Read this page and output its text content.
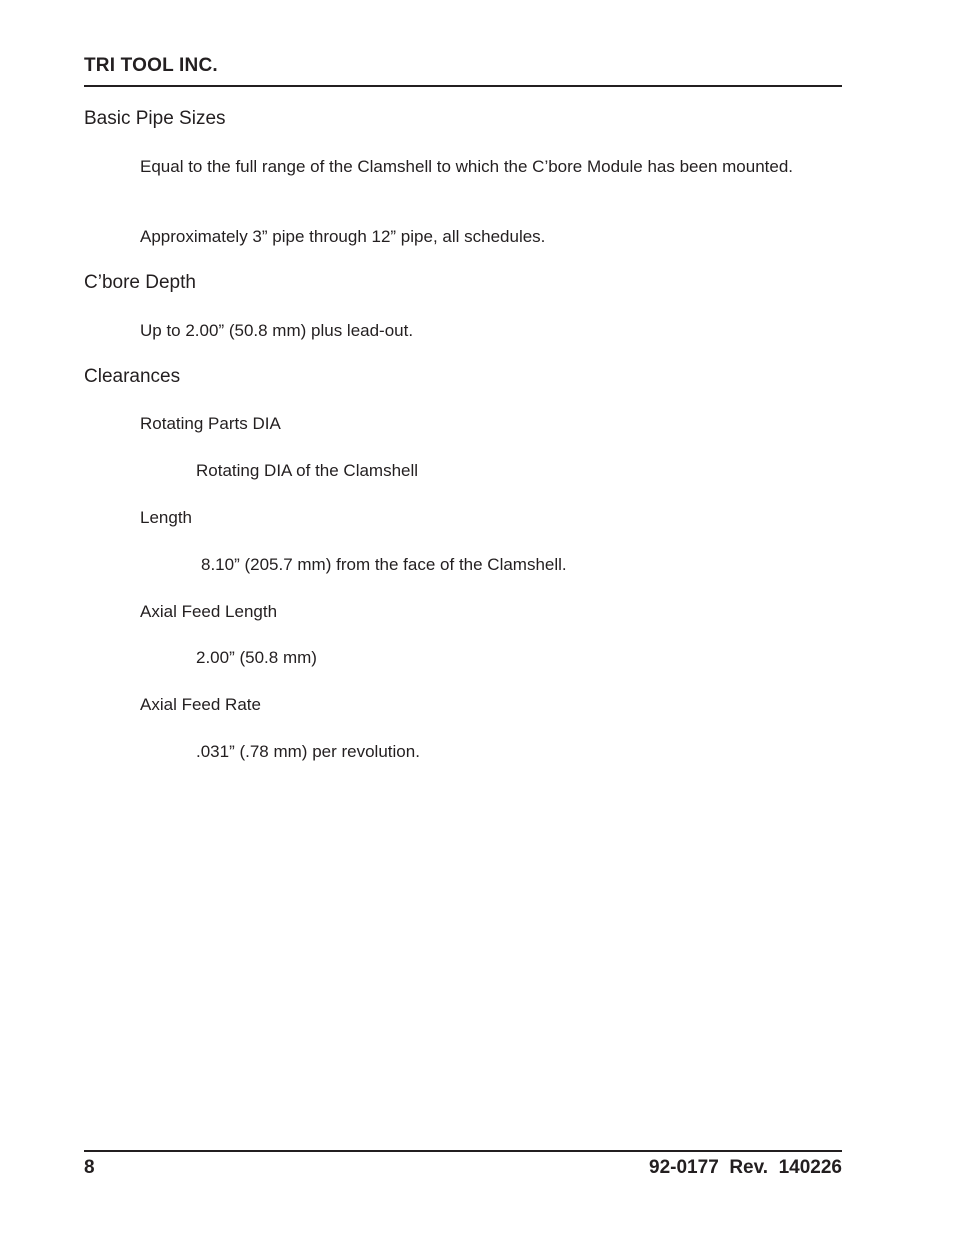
TRI TOOL INC.
Basic Pipe Sizes
Equal to the full range of the Clamshell to which the C’bore Module has been mounted.
Approximately 3” pipe through 12” pipe, all schedules.
C’bore Depth
Up to 2.00” (50.8 mm) plus lead-out.
Clearances
Rotating Parts DIA
Rotating DIA of the Clamshell
Length
8.10” (205.7 mm) from the face of the Clamshell.
Axial Feed Length
2.00” (50.8 mm)
Axial Feed Rate
.031” (.78 mm) per revolution.
8	92-0177  Rev.  140226
